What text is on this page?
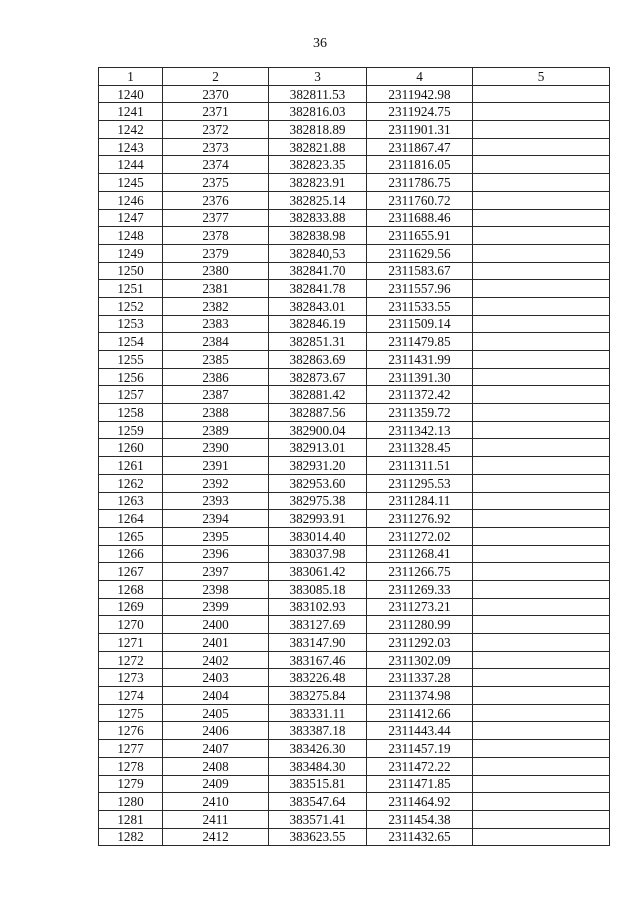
36
1	2	3	4	5
1240	2370	382811.53	2311942.98	
1241	2371	382816.03	2311924.75	
1242	2372	382818.89	2311901.31	
1243	2373	382821.88	2311867.47	
1244	2374	382823.35	2311816.05	
1245	2375	382823.91	2311786.75	
1246	2376	382825.14	2311760.72	
1247	2377	382833.88	2311688.46	
1248	2378	382838.98	2311655.91	
1249	2379	382840,53	2311629.56	
1250	2380	382841.70	2311583.67	
1251	2381	382841.78	2311557.96	
1252	2382	382843.01	2311533.55	
1253	2383	382846.19	2311509.14	
1254	2384	382851.31	2311479.85	
1255	2385	382863.69	2311431.99	
1256	2386	382873.67	2311391.30	
1257	2387	382881.42	2311372.42	
1258	2388	382887.56	2311359.72	
1259	2389	382900.04	2311342.13	
1260	2390	382913.01	2311328.45	
1261	2391	382931.20	2311311.51	
1262	2392	382953.60	2311295.53	
1263	2393	382975.38	2311284.11	
1264	2394	382993.91	2311276.92	
1265	2395	383014.40	2311272.02	
1266	2396	383037.98	2311268.41	
1267	2397	383061.42	2311266.75	
1268	2398	383085.18	2311269.33	
1269	2399	383102.93	2311273.21	
1270	2400	383127.69	2311280.99	
1271	2401	383147.90	2311292.03	
1272	2402	383167.46	2311302.09	
1273	2403	383226.48	2311337.28	
1274	2404	383275.84	2311374.98	
1275	2405	383331.11	2311412.66	
1276	2406	383387.18	2311443.44	
1277	2407	383426.30	2311457.19	
1278	2408	383484.30	2311472.22	
1279	2409	383515.81	2311471.85	
1280	2410	383547.64	2311464.92	
1281	2411	383571.41	2311454.38	
1282	2412	383623.55	2311432.65	
